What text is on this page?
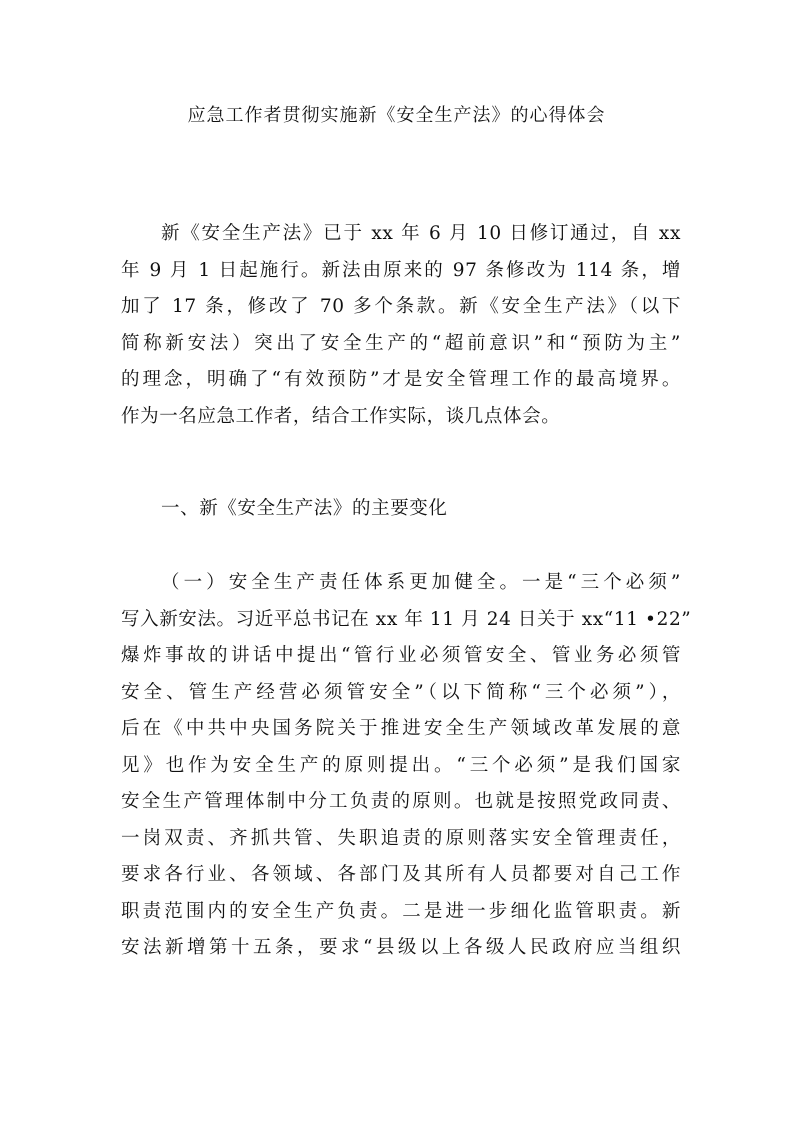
应急工作者贯彻实施新《安全生产法》的心得体会
新《安全生产法》已于 xx 年 6 月 10 日修订通过，自 xx
年 9 月 1 日起施行。新法由原来的 97 条修改为 114 条，增
加了 17 条，修改了 70 多个条款。新《安全生产法》（以下
简称新安法）突出了安全生产的“超前意识”和“预防为主”
的理念，明确了“有效预防”才是安全管理工作的最高境界。
作为一名应急工作者，结合工作实际，谈几点体会。
一、新《安全生产法》的主要变化
（一）安全生产责任体系更加健全。一是“三个必须”
写入新安法。习近平总书记在 xx 年 11 月 24 日关于 xx“11 •22”
爆炸事故的讲话中提出“管行业必须管安全、管业务必须管
安全、管生产经营必须管安全”（以下简称“三个必须”），
后在《中共中央国务院关于推进安全生产领域改革发展的意
见》也作为安全生产的原则提出。“三个必须”是我们国家
安全生产管理体制中分工负责的原则。也就是按照党政同责、
一岗双责、齐抓共管、失职追责的原则落实安全管理责任，
要求各行业、各领域、各部门及其所有人员都要对自己工作
职责范围内的安全生产负责。二是进一步细化监管职责。新
安法新增第十五条，要求“县级以上各级人民政府应当组织
